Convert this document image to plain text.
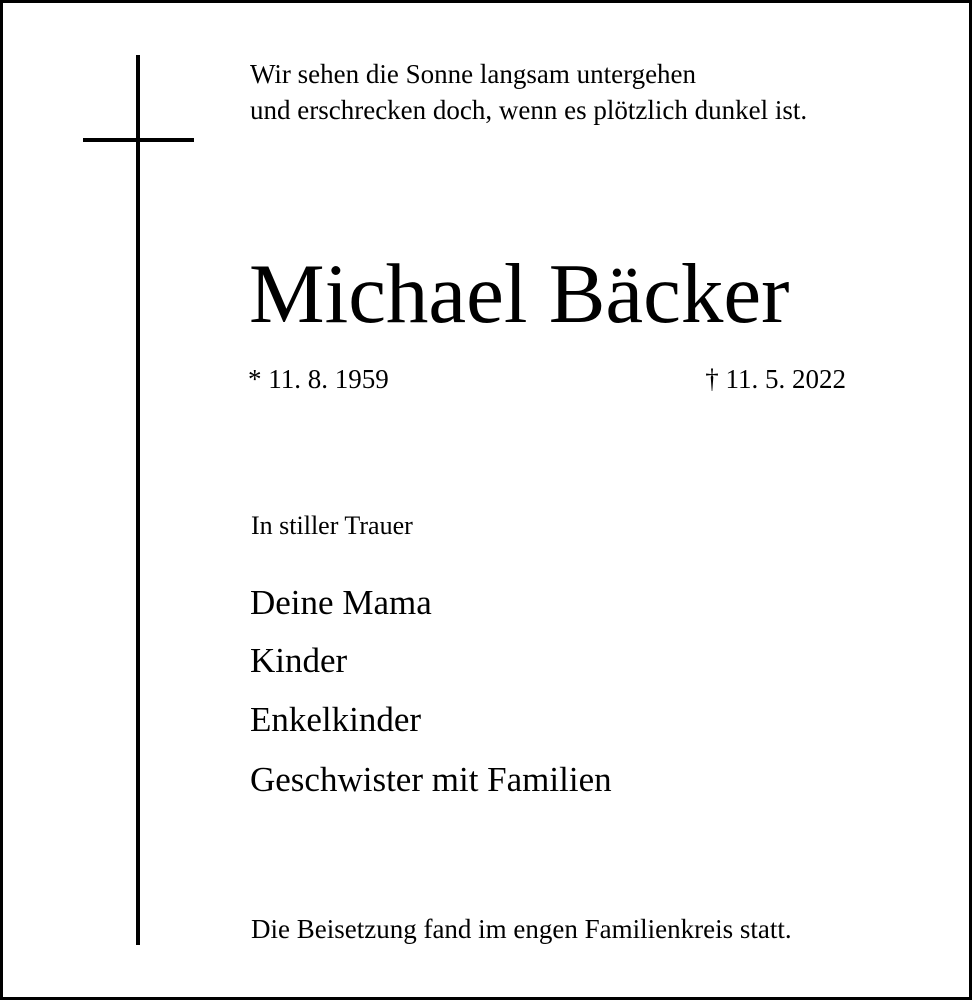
Wir sehen die Sonne langsam untergehen
und erschrecken doch, wenn es plötzlich dunkel ist.
Michael Bäcker
* 11. 8. 1959	† 11. 5. 2022
In stiller Trauer
Deine Mama
Kinder
Enkelkinder
Geschwister mit Familien
Die Beisetzung fand im engen Familienkreis statt.
